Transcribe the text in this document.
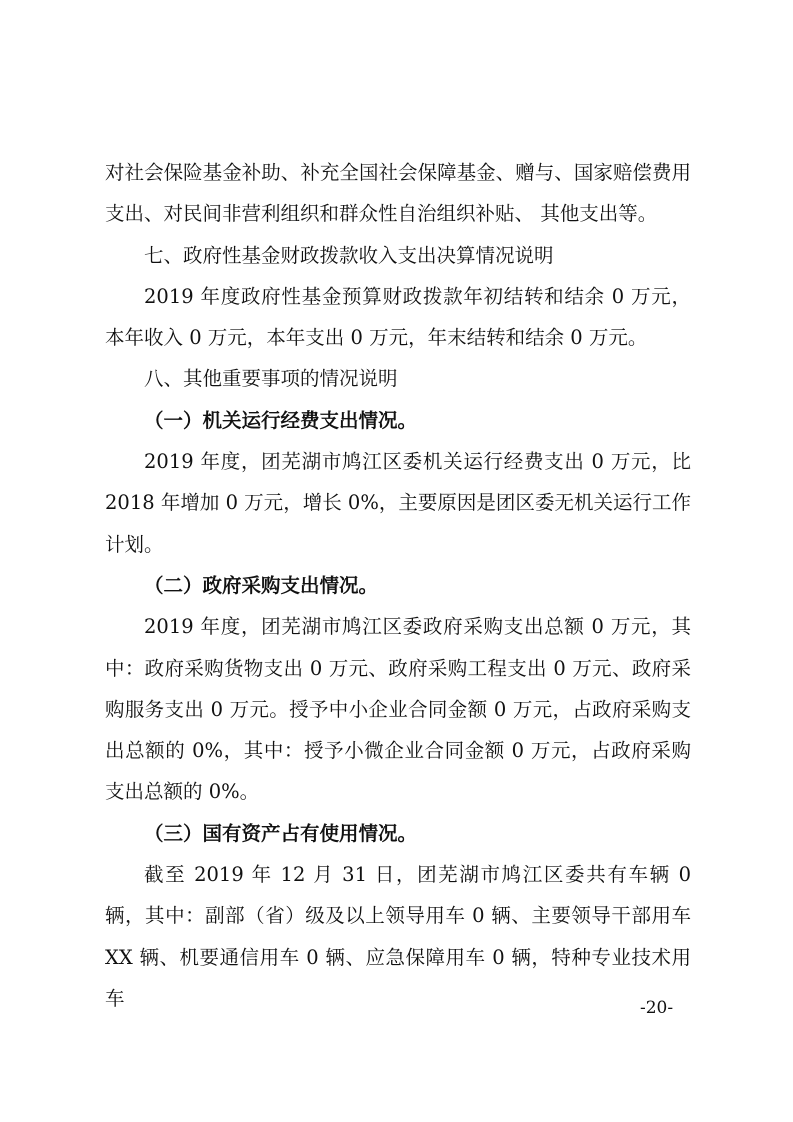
对社会保险基金补助、补充全国社会保障基金、赠与、国家赔偿费用支出、对民间非营利组织和群众性自治组织补贴、 其他支出等。

七、政府性基金财政拨款收入支出决算情况说明

2019 年度政府性基金预算财政拨款年初结转和结余 0 万元，本年收入 0 万元，本年支出 0 万元，年末结转和结余 0 万元。

八、其他重要事项的情况说明

（一）机关运行经费支出情况。

2019 年度，团芜湖市鸠江区委机关运行经费支出 0 万元，比 2018 年增加 0 万元，增长 0%，主要原因是团区委无机关运行工作计划。

（二）政府采购支出情况。

2019 年度，团芜湖市鸠江区委政府采购支出总额 0 万元，其中：政府采购货物支出 0 万元、政府采购工程支出 0 万元、政府采购服务支出 0 万元。授予中小企业合同金额 0 万元，占政府采购支出总额的 0%，其中：授予小微企业合同金额 0 万元，占政府采购支出总额的 0%。

（三）国有资产占有使用情况。

截至 2019 年 12 月 31 日，团芜湖市鸠江区委共有车辆 0 辆，其中：副部（省）级及以上领导用车 0 辆、主要领导干部用车 XX 辆、机要通信用车 0 辆、应急保障用车 0 辆，特种专业技术用车	-20-
